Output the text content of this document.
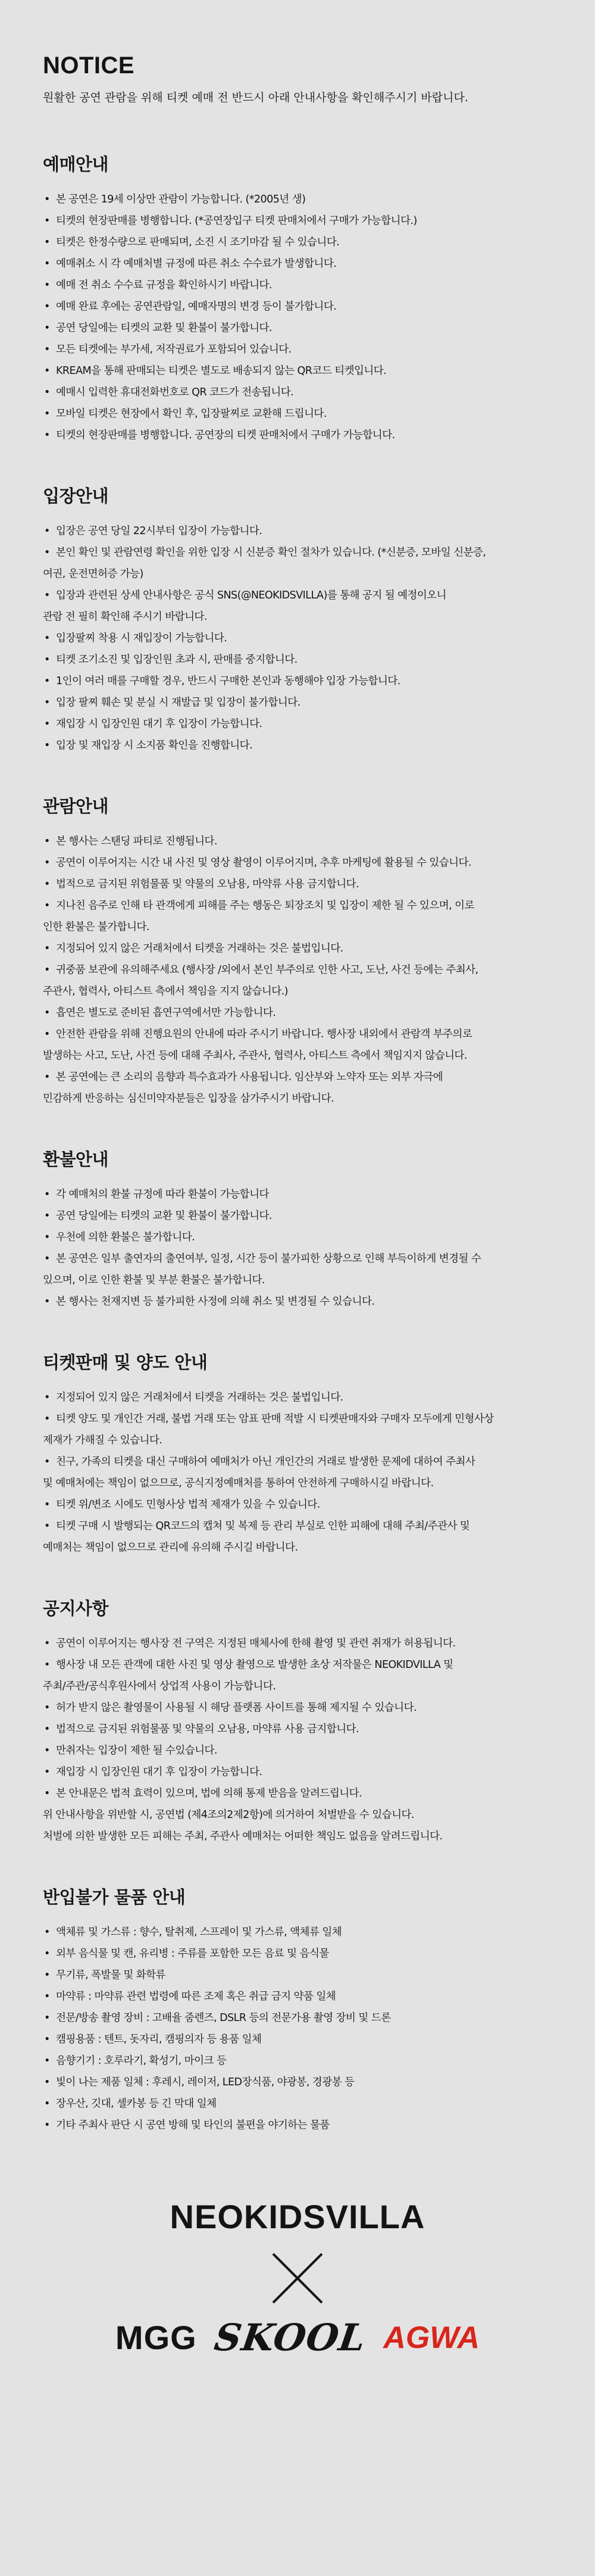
NOTICE

원활한 공연 관람을 위해 티켓 예매 전 반드시 아래 안내사항을 확인해주시기 바랍니다.

예매안내
• 본 공연은 19세 이상만 관람이 가능합니다. (*2005년 생)
• 티켓의 현장판매를 병행합니다. (*공연장입구 티켓 판매처에서 구매가 가능합니다.)
• 티켓은 한정수량으로 판매되며, 소진 시 조기마감 될 수 있습니다.
• 예매취소 시 각 예매처별 규정에 따른 취소 수수료가 발생합니다.
• 예매 전 취소 수수료 규정을 확인하시기 바랍니다.
• 예매 완료 후에는 공연관람일, 예매자명의 변경 등이 불가합니다.
• 공연 당일에는 티켓의 교환 및 환불이 불가합니다.
• 모든 티켓에는 부가세, 저작권료가 포함되어 있습니다.
• KREAM을 통해 판매되는 티켓은 별도로 배송되지 않는 QR코드 티켓입니다.
• 예매시 입력한 휴대전화번호로 QR 코드가 전송됩니다.
• 모바일 티켓은 현장에서 확인 후, 입장팔찌로 교환해 드립니다.
• 티켓의 현장판매를 병행합니다. 공연장의 티켓 판매처에서 구매가 가능합니다.
입장안내
• 입장은 공연 당일 22시부터 입장이 가능합니다.
• 본인 확인 및 관람연령 확인을 위한 입장 시 신분증 확인 절차가 있습니다. (*신분증, 모바일 신분증,
여권, 운전면허증 가능)
• 입장과 관련된 상세 안내사항은 공식 SNS(@NEOKIDSVILLA)를 통해 공지 될 예정이오니
관람 전 필히 확인해 주시기 바랍니다.
• 입장팔찌 착용 시 재입장이 가능합니다.
• 티켓 조기소진 및 입장인원 초과 시, 판매를 중지합니다.
• 1인이 여러 매를 구매할 경우, 반드시 구매한 본인과 동행해야 입장 가능합니다.
• 입장 팔찌 훼손 및 분실 시 재발급 및 입장이 불가합니다.
• 재입장 시 입장인원 대기 후 입장이 가능합니다.
• 입장 및 재입장 시 소지품 확인을 진행합니다.
관람안내
• 본 행사는 스탠딩 파티로 진행됩니다.
• 공연이 이루어지는 시간 내 사진 및 영상 촬영이 이루어지며, 추후 마케팅에 활용될 수 있습니다.
• 법적으로 금지된 위험물품 및 약물의 오남용, 마약류 사용 금지합니다.
• 지나친 음주로 인해 타 관객에게 피해를 주는 행동은 퇴장조치 및 입장이 제한 될 수 있으며, 이로
인한 환불은 불가합니다.
• 지정되어 있지 않은 거래처에서 티켓을 거래하는 것은 불법입니다.
• 귀중품 보관에 유의해주세요 (행사장 /외에서 본인 부주의로 인한 사고, 도난, 사건 등에는 주최사,
주관사, 협력사, 아티스트 측에서 책임을 지지 않습니다.)
• 흡연은 별도로 준비된 흡연구역에서만 가능합니다.
• 안전한 관람을 위해 진행요원의 안내에 따라 주시기 바랍니다. 행사장 내외에서 관람객 부주의로
발생하는 사고, 도난, 사건 등에 대해 주최사, 주관사, 협력사, 아티스트 측에서 책임지지 않습니다.
• 본 공연에는 큰 소리의 음향과 특수효과가 사용됩니다. 임산부와 노약자 또는 외부 자극에
민감하게 반응하는 심신미약자분들은 입장을 삼가주시기 바랍니다.
환불안내
• 각 예매처의 환불 규정에 따라 환불이 가능합니다
• 공연 당일에는 티켓의 교환 및 환불이 불가합니다.
• 우천에 의한 환불은 불가합니다.
• 본 공연은 일부 출연자의 출연여부, 일정, 시간 등이 불가피한 상황으로 인해 부득이하게 변경될 수
있으며, 이로 인한 환불 및 부분 환불은 불가합니다.
• 본 행사는 천재지변 등 불가피한 사정에 의해 취소 및 변경될 수 있습니다.
티켓판매 및 양도 안내
• 지정되어 있지 않은 거래처에서 티켓을 거래하는 것은 불법입니다.
• 티켓 양도 및 개인간 거래, 불법 거래 또는 암표 판매 적발 시 티켓판매자와 구매자 모두에게 민형사상
제재가 가해질 수 있습니다.
• 친구, 가족의 티켓을 대신 구매하여 예매처가 아닌 개인간의 거래로 발생한 문제에 대하여 주최사
및 예매처에는 책임이 없으므로, 공식지정예매처를 통하여 안전하게 구매하시길 바랍니다.
• 티켓 위/변조 시에도 민형사상 법적 제재가 있을 수 있습니다.
• 티켓 구매 시 발행되는 QR코드의 캡쳐 및 복제 등 관리 부실로 인한 피해에 대해 주최/주관사 및
예매처는 책임이 없으므로 관리에 유의해 주시길 바랍니다.
공지사항
• 공연이 이루어지는 행사장 전 구역은 지정된 매체사에 한해 촬영 및 관련 취재가 허용됩니다.
• 행사장 내 모든 관객에 대한 사진 및 영상 촬영으로 발생한 초상 저작물은 NEOKIDVILLA 및
주최/주관/공식후원사에서 상업적 사용이 가능합니다.
• 허가 받지 않은 촬영물이 사용될 시 해당 플랫폼 사이트를 통해 제지될 수 있습니다.
• 법적으로 금지된 위험물품 및 약물의 오남용, 마약류 사용 금지합니다.
• 만취자는 입장이 제한 될 수있습니다.
• 재입장 시 입장인원 대기 후 입장이 가능합니다.
• 본 안내문은 법적 효력이 있으며, 법에 의해 통제 받음을 알려드립니다.
위 안내사항을 위반할 시, 공연법 (제4조의2제2항)에 의거하여 처벌받을 수 있습니다.
처벌에 의한 발생한 모든 피해는 주최, 주관사 예매처는 어떠한 책임도 없음을 알려드립니다.
반입불가 물품 안내
• 액체류 및 가스류 : 향수, 탈취제, 스프레이 및 가스류, 액체류 일체
• 외부 음식물 및 캔, 유리병 : 주류를 포함한 모든 음료 및 음식물
• 무기류, 폭발물 및 화학류
• 마약류 : 마약류 관련 법령에 따른 조제 혹은 취급 금지 약품 일체
• 전문/방송 촬영 장비 : 고배율 줌렌즈, DSLR 등의 전문가용 촬영 장비 및 드론
• 캠핑용품 : 텐트, 돗자리, 캠핑의자 등 용품 일체
• 음향기기 : 호루라기, 확성기, 마이크 등
• 빛이 나는 제품 일체 : 후레시, 레이저, LED장식품, 야광봉, 경광봉 등
• 장우산, 깃대, 셀카봉 등 긴 막대 일체
• 기타 주최사 판단 시 공연 방해 및 타인의 불편을 야기하는 물품

NEOKIDSVILLA

MGG SKOOL AGWA
